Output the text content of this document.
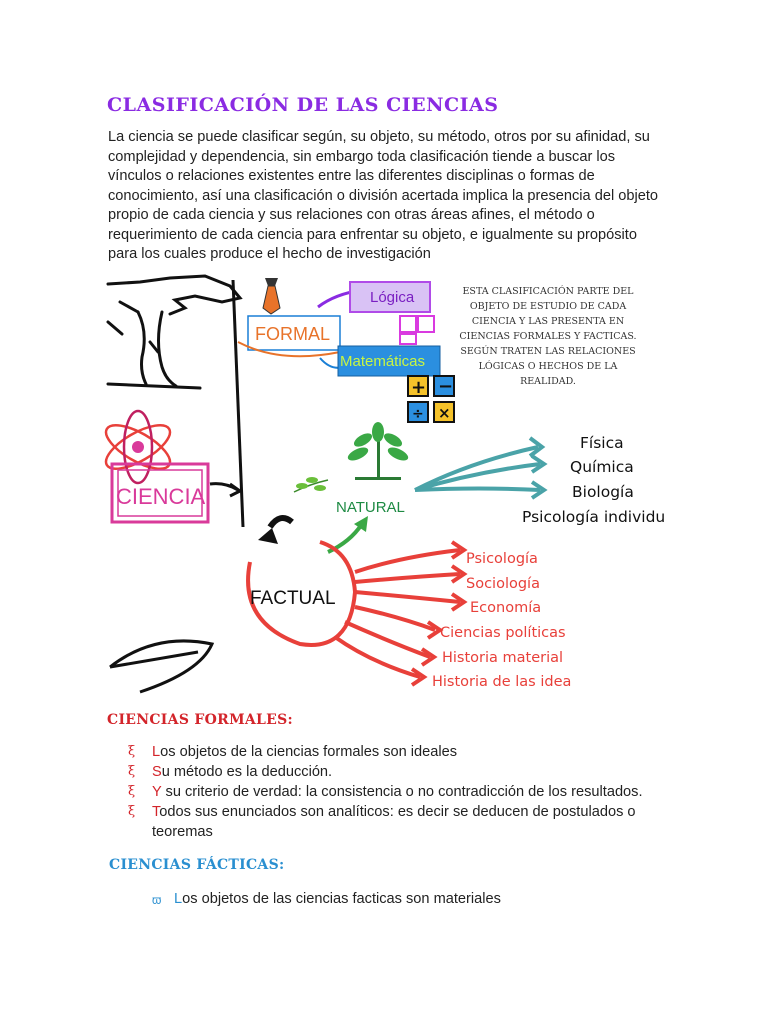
CLASIFICACIÓN DE LAS CIENCIAS

La ciencia se puede clasificar según, su objeto, su método, otros por su afinidad, su complejidad y dependencia, sin embargo toda clasificación tiende a buscar los vínculos o relaciones existentes entre las diferentes disciplinas o formas de conocimiento, así una clasificación o división acertada implica la presencia del objeto propio de cada ciencia y sus relaciones con otras áreas afines, el método o requerimiento de cada ciencia para enfrentar su objeto, e igualmente su propósito para los cuales produce el hecho de investigación

CIENCIA
FORMAL
Lógica
Matemáticas
+ −
÷ ×
ESTA CLASIFICACIÓN PARTE DEL
OBJETO DE ESTUDIO DE CADA
CIENCIA Y LAS PRESENTA EN
CIENCIAS FORMALES Y FACTICAS.
SEGÚN TRATEN LAS RELACIONES
LÓGICAS O HECHOS DE LA
REALIDAD.
NATURAL
Física
Química
Biología
Psicología individu
FACTUAL
Psicología
Sociología
Economía
Ciencias políticas
Historia material
Historia de las idea
CIENCIAS FORMALES:
ξ Los objetos de la ciencias formales son ideales
ξ Su método es la deducción.
ξ Y su criterio de verdad: la consistencia o no contradicción de los resultados.
ξ Todos sus enunciados son analíticos: es decir se deducen de postulados o teoremas
CIENCIAS FÁCTICAS:
ϖ Los objetos de las ciencias facticas son materiales
